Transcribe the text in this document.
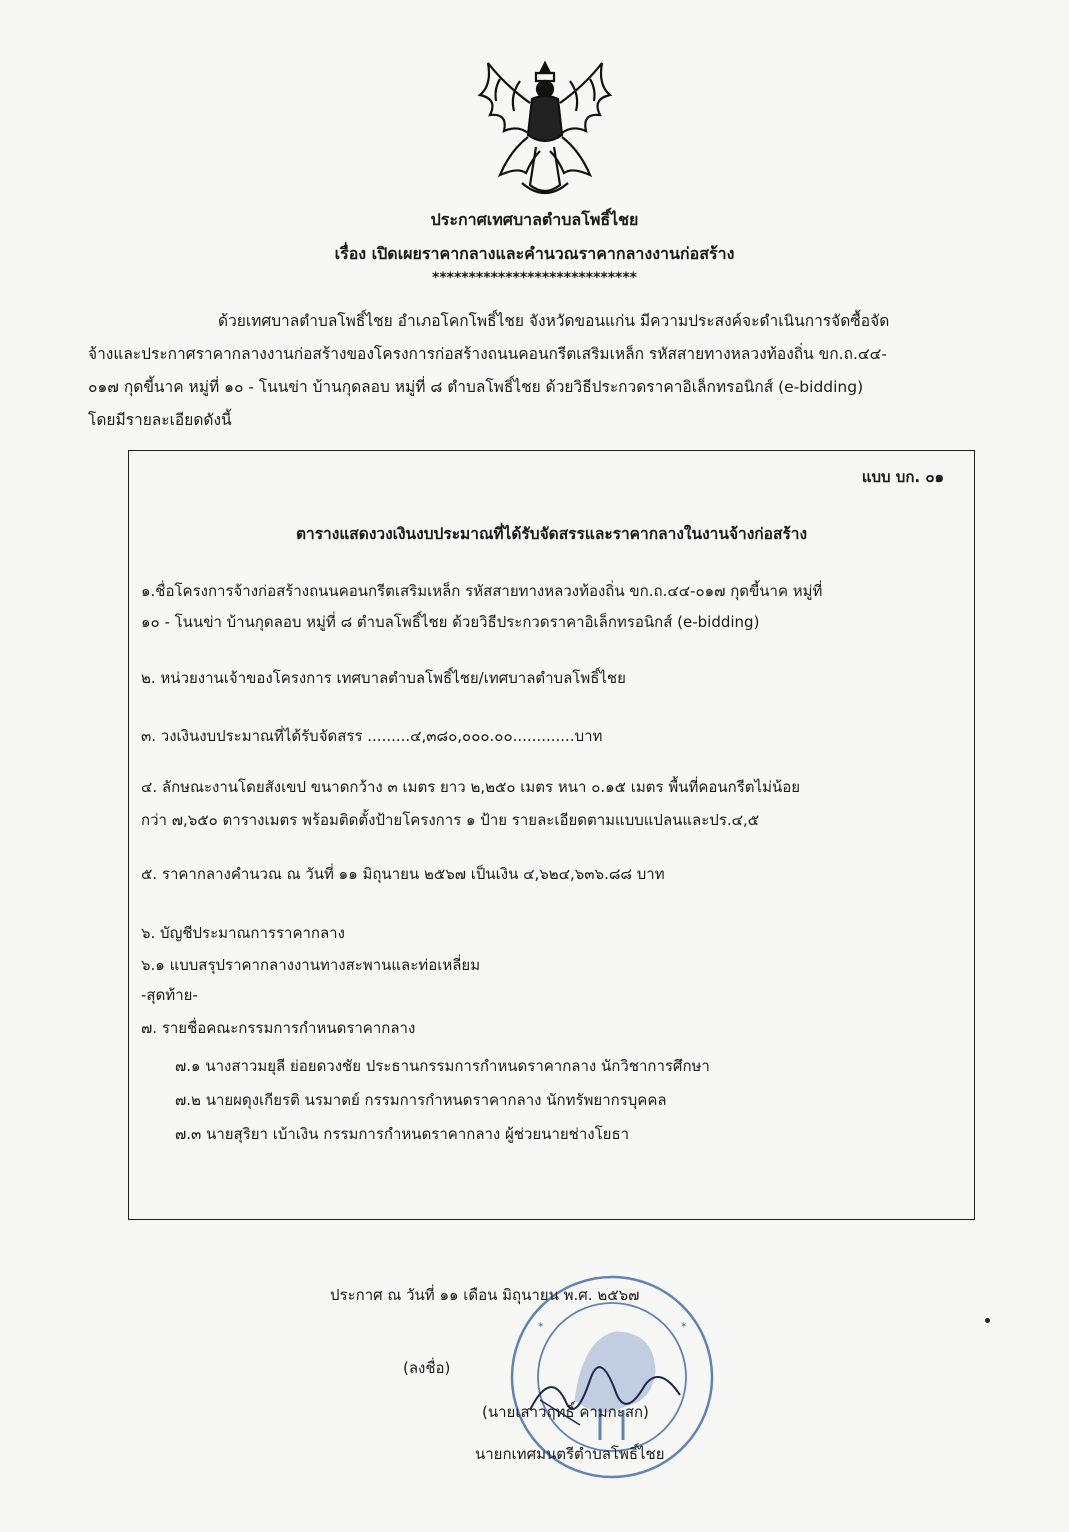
ประกาศเทศบาลตำบลโพธิ์ไชย
เรื่อง เปิดเผยราคากลางและคำนวณราคากลางงานก่อสร้าง
****************************
ด้วยเทศบาลตำบลโพธิ์ไชย อำเภอโคกโพธิ์ไชย จังหวัดขอนแก่น มีความประสงค์จะดำเนินการจัดซื้อจัด
จ้างและประกาศราคากลางงานก่อสร้างของโครงการก่อสร้างถนนคอนกรีตเสริมเหล็ก รหัสสายทางหลวงท้องถิ่น ขก.ถ.๔๔-
๐๑๗ กุดขี้นาค หมู่ที่ ๑๐ - โนนข่า บ้านกุดลอบ หมู่ที่ ๘ ตำบลโพธิ์ไชย ด้วยวิธีประกวดราคาอิเล็กทรอนิกส์ (e-bidding)
โดยมีรายละเอียดดังนี้
แบบ บก. ๐๑
ตารางแสดงวงเงินงบประมาณที่ได้รับจัดสรรและราคากลางในงานจ้างก่อสร้าง
๑.ชื่อโครงการจ้างก่อสร้างถนนคอนกรีตเสริมเหล็ก รหัสสายทางหลวงท้องถิ่น ขก.ถ.๔๔-๐๑๗ กุดขี้นาค หมู่ที่
๑๐ - โนนข่า บ้านกุดลอบ หมู่ที่ ๘ ตำบลโพธิ์ไชย ด้วยวิธีประกวดราคาอิเล็กทรอนิกส์ (e-bidding)
๒. หน่วยงานเจ้าของโครงการ เทศบาลตำบลโพธิ์ไชย/เทศบาลตำบลโพธิ์ไชย
๓. วงเงินงบประมาณที่ได้รับจัดสรร .........๔,๓๘๐,๐๐๐.๐๐.............บาท
๔. ลักษณะงานโดยสังเขป ขนาดกว้าง ๓ เมตร ยาว ๒,๒๕๐ เมตร หนา ๐.๑๕ เมตร พื้นที่คอนกรีตไม่น้อย
กว่า ๗,๖๕๐ ตารางเมตร พร้อมติดตั้งป้ายโครงการ ๑ ป้าย รายละเอียดตามแบบแปลนและปร.๔,๕
๕. ราคากลางคำนวณ ณ วันที่ ๑๑ มิถุนายน ๒๕๖๗ เป็นเงิน ๔,๖๒๔,๖๓๖.๘๘ บาท
๖. บัญชีประมาณการราคากลาง
๖.๑ แบบสรุปราคากลางงานทางสะพานและท่อเหลี่ยม
-สุดท้าย-
๗. รายชื่อคณะกรรมการกำหนดราคากลาง
๗.๑ นางสาวมยุลี ย่อยดวงชัย ประธานกรรมการกำหนดราคากลาง นักวิชาการศึกษา
๗.๒ นายผดุงเกียรติ นรมาตย์ กรรมการกำหนดราคากลาง นักทรัพยากรบุคคล
๗.๓ นายสุริยา เบ้าเงิน กรรมการกำหนดราคากลาง ผู้ช่วยนายช่างโยธา
✶	✶
ประกาศ ณ วันที่ ๑๑ เดือน มิถุนายน พ.ศ. ๒๕๖๗
(ลงชื่อ)
(นายเสาวฤทธิ์ คามกะสก)
นายกเทศมนตรีตำบลโพธิ์ไชย
